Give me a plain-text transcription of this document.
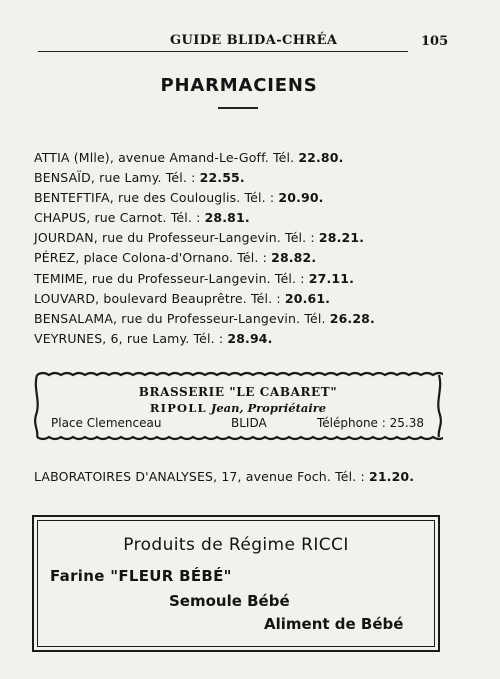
GUIDE BLIDA-CHRÉA	105
PHARMACIENS
ATTIA (Mlle), avenue Amand-Le-Goff. Tél. 22.80.
BENSAÏD, rue Lamy. Tél. : 22.55.
BENTEFTIFA, rue des Coulouglis. Tél. : 20.90.
CHAPUS, rue Carnot. Tél. : 28.81.
JOURDAN, rue du Professeur-Langevin. Tél. : 28.21.
PÉREZ, place Colona-d'Ornano. Tél. : 28.82.
TEMIME, rue du Professeur-Langevin. Tél. : 27.11.
LOUVARD, boulevard Beauprêtre. Tél. : 20.61.
BENSALAMA, rue du Professeur-Langevin. Tél. 26.28.
VEYRUNES, 6, rue Lamy. Tél. : 28.94.
BRASSERIE "LE CABARET"
RIPOLL Jean, Propriétaire
Place Clemenceau	BLIDA	Téléphone : 25.38
LABORATOIRES D'ANALYSES, 17, avenue Foch. Tél. : 21.20.
Produits de Régime RICCI
Farine "FLEUR BÉBÉ"
Semoule Bébé
Aliment de Bébé
